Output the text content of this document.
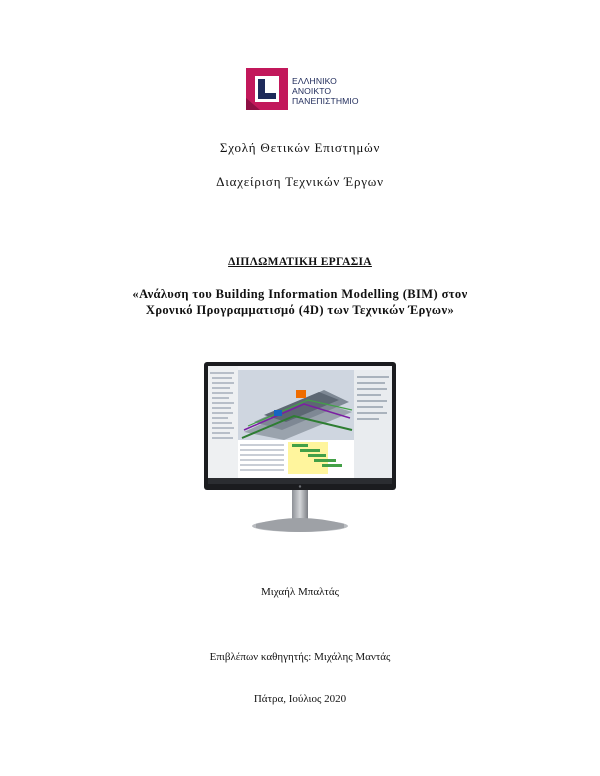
ΕΛΛΗΝΙΚΟ
ΑΝΟΙΚΤΟ
ΠΑΝΕΠΙΣΤΗΜΙΟ
Σχολή Θετικών Επιστημών
Διαχείριση Τεχνικών Έργων
ΔΙΠΛΩΜΑΤΙΚΗ ΕΡΓΑΣΙΑ
«Ανάλυση του Building Information Modelling (BIM) στον
Χρονικό Προγραμματισμό (4D) των Τεχνικών Έργων»
Μιχαήλ Μπαλτάς
Επιβλέπων καθηγητής: Μιχάλης Μαντάς
Πάτρα, Ιούλιος 2020
